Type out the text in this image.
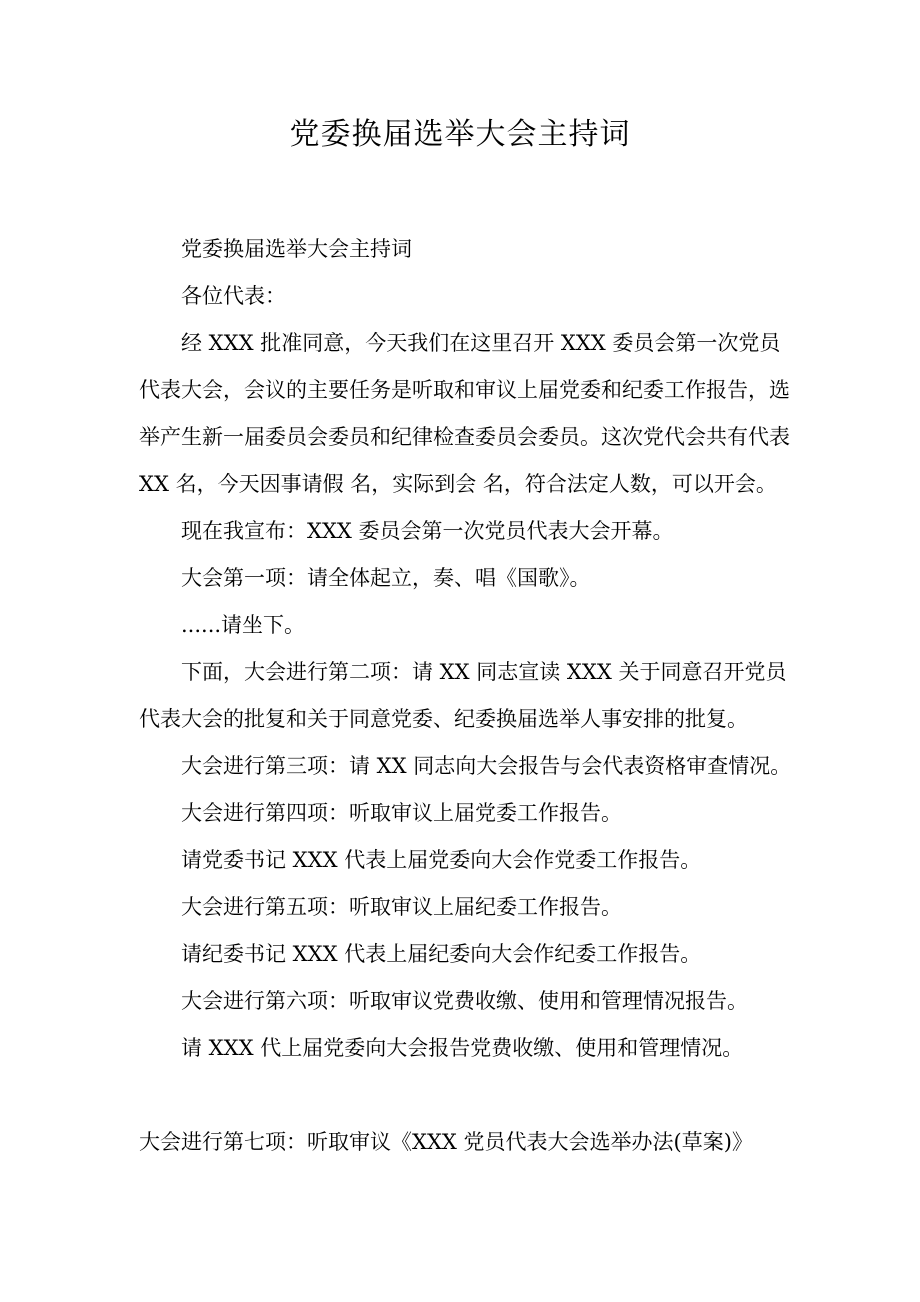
党委换届选举大会主持词

党委换届选举大会主持词

各位代表：

经 XXX 批准同意，今天我们在这里召开 XXX 委员会第一次党员代表大会，会议的主要任务是听取和审议上届党委和纪委工作报告，选举产生新一届委员会委员和纪律检查委员会委员。这次党代会共有代表 XX 名，今天因事请假 名，实际到会 名，符合法定人数，可以开会。

现在我宣布：XXX 委员会第一次党员代表大会开幕。

大会第一项：请全体起立，奏、唱《国歌》。

......请坐下。

下面，大会进行第二项：请 XX 同志宣读 XXX 关于同意召开党员代表大会的批复和关于同意党委、纪委换届选举人事安排的批复。

大会进行第三项：请 XX 同志向大会报告与会代表资格审查情况。

大会进行第四项：听取审议上届党委工作报告。

请党委书记 XXX 代表上届党委向大会作党委工作报告。

大会进行第五项：听取审议上届纪委工作报告。

请纪委书记 XXX 代表上届纪委向大会作纪委工作报告。

大会进行第六项：听取审议党费收缴、使用和管理情况报告。

请 XXX 代上届党委向大会报告党费收缴、使用和管理情况。

大会进行第七项：听取审议《XXX 党员代表大会选举办法(草案)》
